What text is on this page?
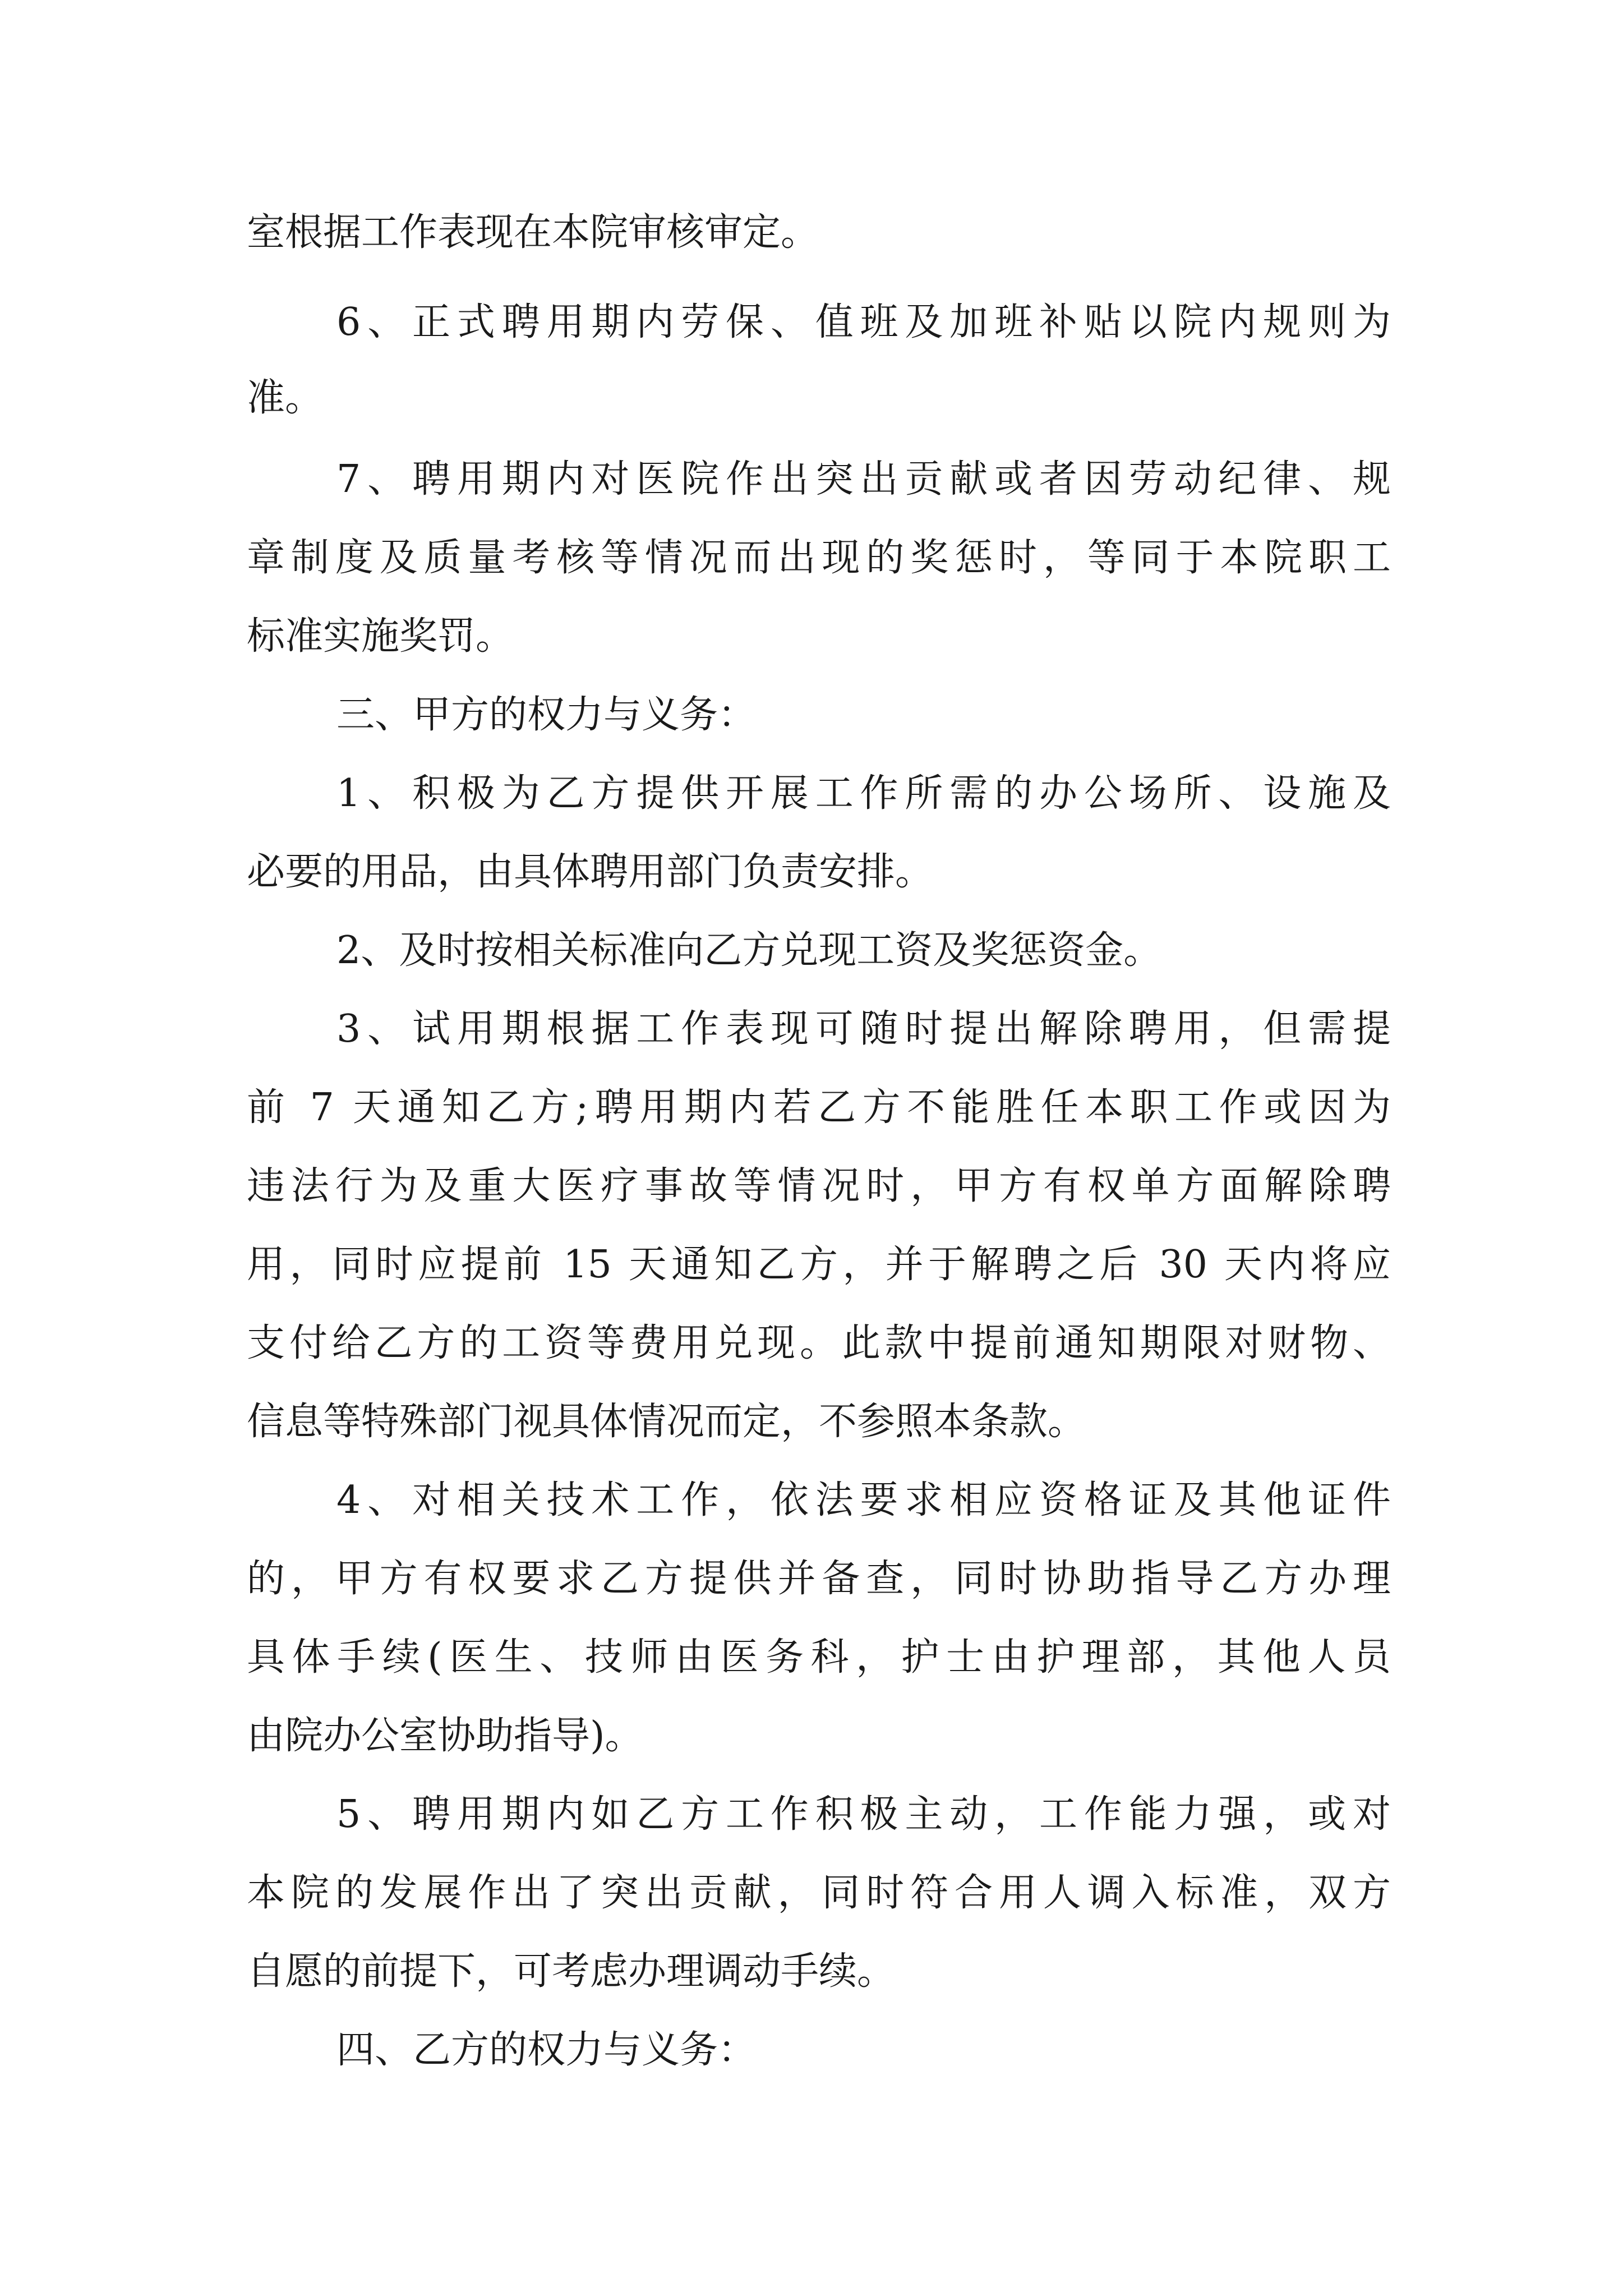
室根据工作表现在本院审核审定。

6、正式聘用期内劳保、值班及加班补贴以院内规则为

准。

7、聘用期内对医院作出突出贡献或者因劳动纪律、规

章制度及质量考核等情况而出现的奖惩时，等同于本院职工

标准实施奖罚。

三、甲方的权力与义务：

1、积极为乙方提供开展工作所需的办公场所、设施及

必要的用品，由具体聘用部门负责安排。

2、及时按相关标准向乙方兑现工资及奖惩资金。

3、试用期根据工作表现可随时提出解除聘用，但需提

前 7 天通知乙方;聘用期内若乙方不能胜任本职工作或因为

违法行为及重大医疗事故等情况时，甲方有权单方面解除聘

用，同时应提前 15 天通知乙方，并于解聘之后 30 天内将应

支付给乙方的工资等费用兑现。此款中提前通知期限对财物、

信息等特殊部门视具体情况而定，不参照本条款。

4、对相关技术工作，依法要求相应资格证及其他证件

的，甲方有权要求乙方提供并备查，同时协助指导乙方办理

具体手续(医生、技师由医务科，护士由护理部，其他人员

由院办公室协助指导)。

5、聘用期内如乙方工作积极主动，工作能力强，或对

本院的发展作出了突出贡献，同时符合用人调入标准，双方

自愿的前提下，可考虑办理调动手续。

四、乙方的权力与义务：
